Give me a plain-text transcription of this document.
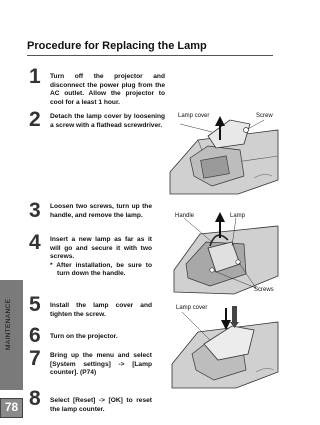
Procedure for Replacing the Lamp
1	Turn off the projector and disconnect the power plug from the AC outlet. Allow the projector to cool for a least 1 hour.
2	Detach the lamp cover by loosening a screw with a flathead screwdriver.
3	Loosen two screws, turn up the handle, and remove the lamp.
4	Insert a new lamp as far as it will go and secure it with two screws.
* After installation, be sure to turn down the handle.
5	Install the lamp cover and tighten the screw.
6	Turn on the projector.
7	Bring up the menu and select [System settings] -> [Lamp counter]. (P74)
8	Select [Reset] -> [OK] to reset the lamp counter.
Lamp cover	Screw
Handle	Lamp
Screws
Lamp cover
MAINTENANCE
78
